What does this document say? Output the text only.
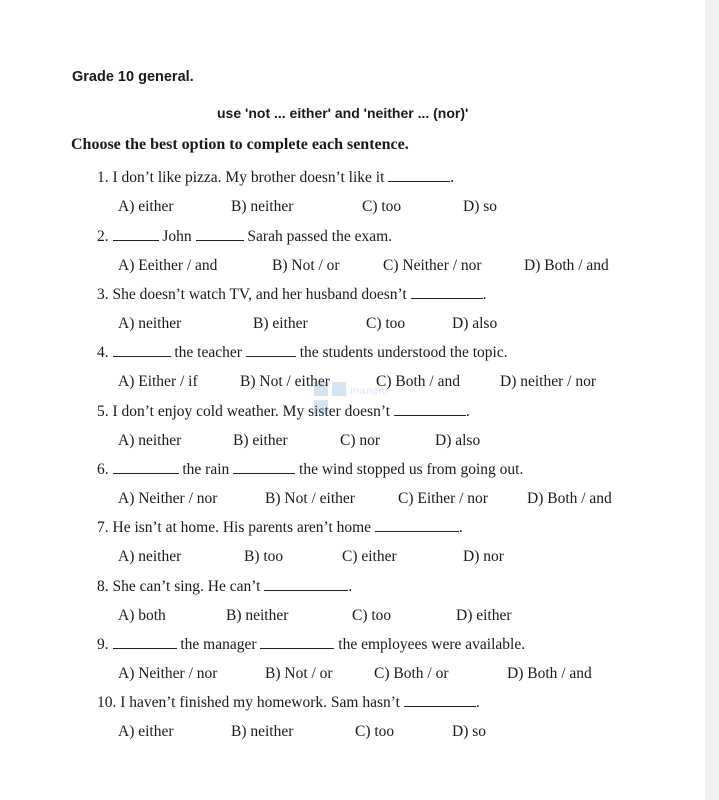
Grade 10 general.
use 'not ... either' and 'neither ... (nor)'
Choose the best option to complete each sentence.
1. I don’t like pizza. My brother doesn’t like it	.
A) either	B) neither	C) too	D) so
2.	John	Sarah passed the exam.
A) Eeither / and	B) Not / or	C) Neither / nor	D) Both / and
3. She doesn’t watch TV, and her husband doesn’t	.
A) neither	B) either	C) too	D) also
4.	the teacher	the students understood the topic.
A) Either / if	B) Not / either	C) Both / and	D) neither / nor
5. I don’t enjoy cold weather. My sister doesn’t	.
A) neither	B) either	C) nor	D) also
6.	the rain	the wind stopped us from going out.
A) Neither / nor	B) Not / either	C) Either / nor	D) Both / and
7. He isn’t at home. His parents aren’t home	.
A) neither	B) too	C) either	D) nor
8. She can’t sing. He can’t	.
A) both	B) neither	C) too	D) either
9.	the manager	the employees were available.
A) Neither / nor	B) Not / or	C) Both / or	D) Both / and
10. I haven’t finished my homework. Sam hasn’t	.
A) either	B) neither	C) too	D) so
manahj
